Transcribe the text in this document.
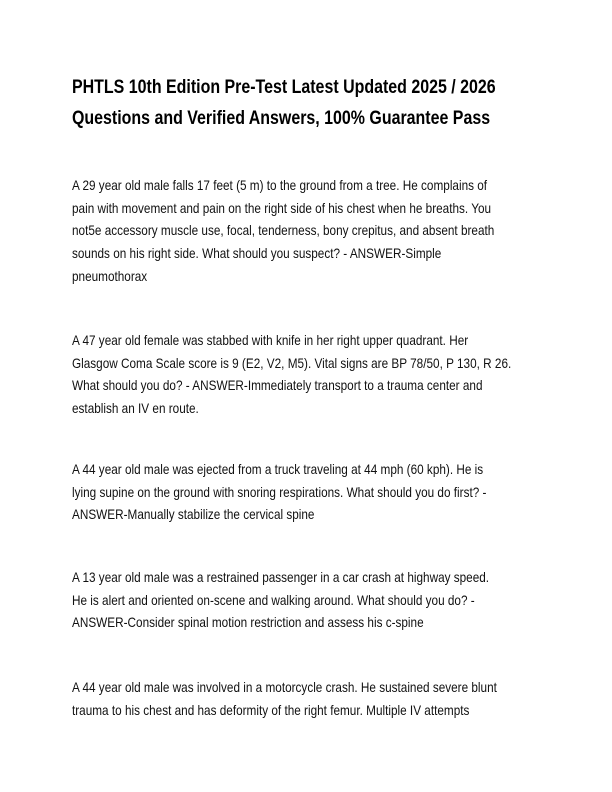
PHTLS 10th Edition Pre-Test Latest Updated 2025 / 2026
Questions and Verified Answers, 100% Guarantee Pass

A 29 year old male falls 17 feet (5 m) to the ground from a tree. He complains of
pain with movement and pain on the right side of his chest when he breaths. You
not5e accessory muscle use, focal, tenderness, bony crepitus, and absent breath
sounds on his right side. What should you suspect? - ANSWER-Simple
pneumothorax

A 47 year old female was stabbed with knife in her right upper quadrant. Her
Glasgow Coma Scale score is 9 (E2, V2, M5). Vital signs are BP 78/50, P 130, R 26.
What should you do? - ANSWER-Immediately transport to a trauma center and
establish an IV en route.

A 44 year old male was ejected from a truck traveling at 44 mph (60 kph). He is
lying supine on the ground with snoring respirations. What should you do first? -
ANSWER-Manually stabilize the cervical spine

A 13 year old male was a restrained passenger in a car crash at highway speed.
He is alert and oriented on-scene and walking around. What should you do? -
ANSWER-Consider spinal motion restriction and assess his c-spine

A 44 year old male was involved in a motorcycle crash. He sustained severe blunt
trauma to his chest and has deformity of the right femur. Multiple IV attempts
